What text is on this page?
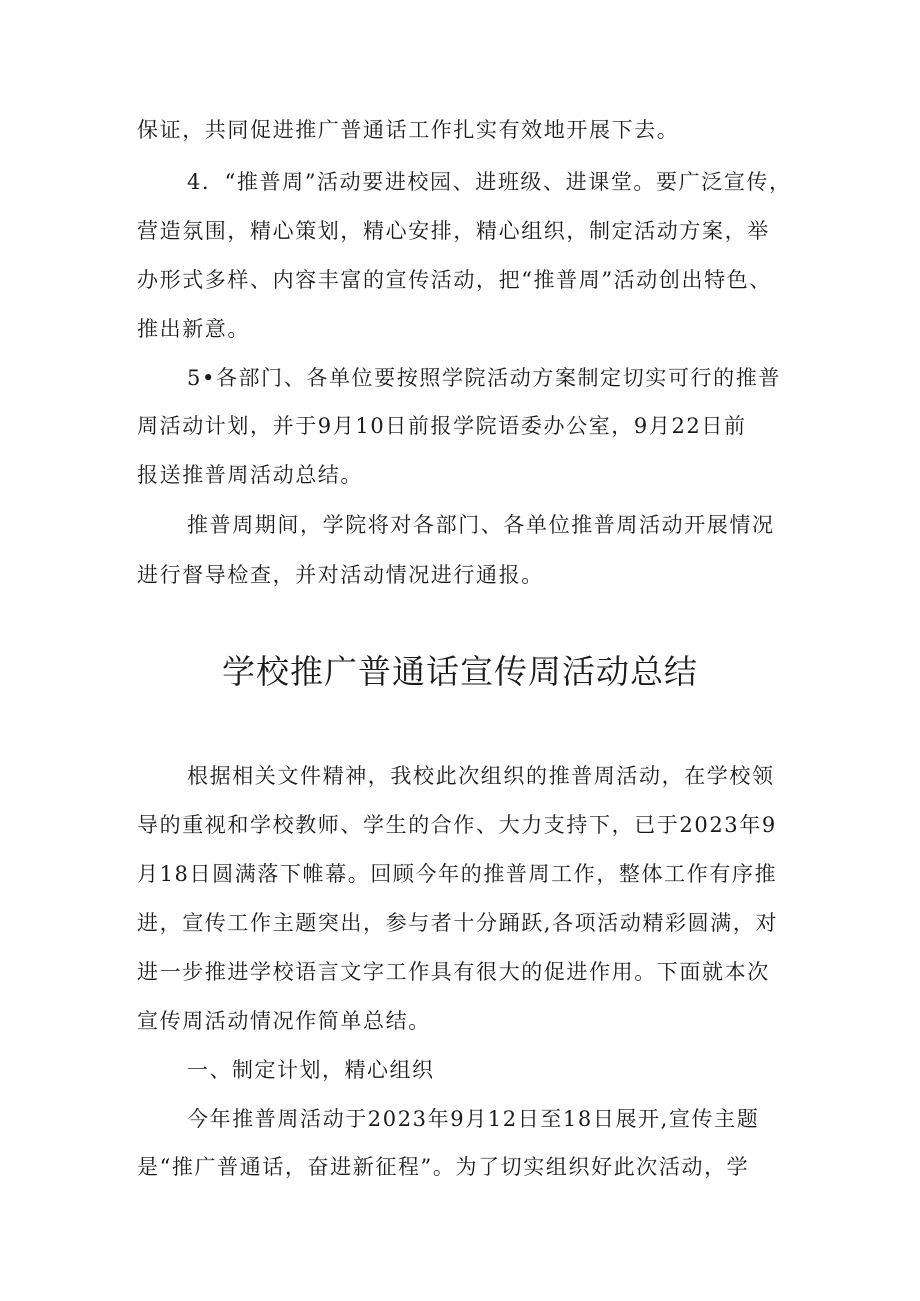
保证，共同促进推广普通话工作扎实有效地开展下去。
4．“推普周”活动要进校园、进班级、进课堂。要广泛宣传，
营造氛围，精心策划，精心安排，精心组织，制定活动方案，举
办形式多样、内容丰富的宣传活动，把“推普周”活动创出特色、
推出新意。
5•各部门、各单位要按照学院活动方案制定切实可行的推普
周活动计划，并于9月10日前报学院语委办公室，9月22日前
报送推普周活动总结。
推普周期间，学院将对各部门、各单位推普周活动开展情况
进行督导检查，并对活动情况进行通报。
学校推广普通话宣传周活动总结
根据相关文件精神，我校此次组织的推普周活动，在学校领
导的重视和学校教师、学生的合作、大力支持下，已于2023年9
月18日圆满落下帷幕。回顾今年的推普周工作，整体工作有序推
进，宣传工作主题突出，参与者十分踊跃,各项活动精彩圆满，对
进一步推进学校语言文字工作具有很大的促进作用。下面就本次
宣传周活动情况作简单总结。
一、制定计划，精心组织
今年推普周活动于2023年9月12日至18日展开,宣传主题
是“推广普通话，奋进新征程”。为了切实组织好此次活动，学
